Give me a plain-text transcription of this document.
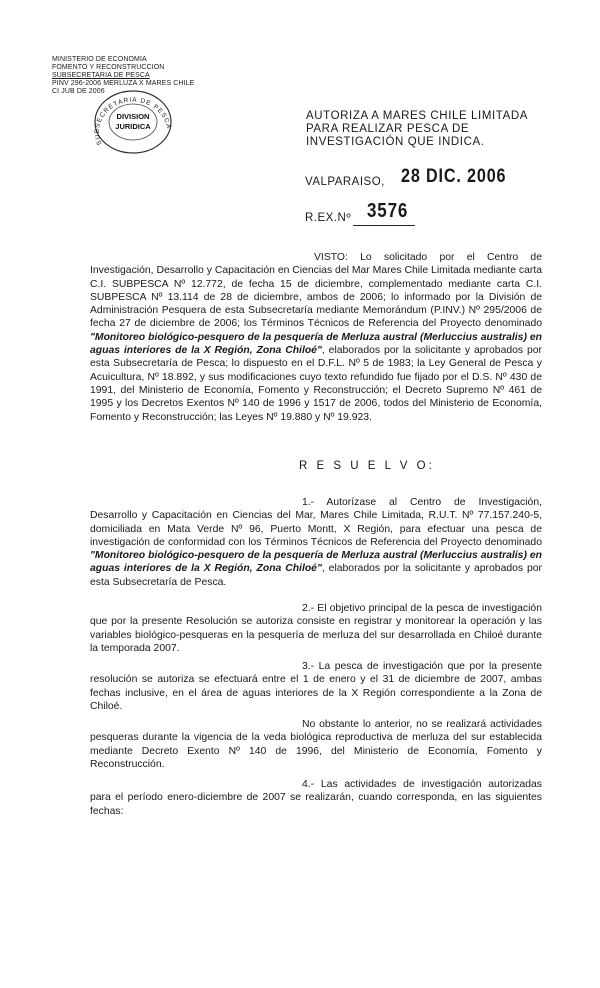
MINISTERIO DE ECONOMIA
FOMENTO Y RECONSTRUCCION
SUBSECRETARIA DE PESCA
PINV 296-2006 MERLUZA X MARES CHILE
CI JUB DE 2006
SUBSECRETARIA DE PESCA
DIVISION
JURIDICA
AUTORIZA A MARES CHILE LIMITADA PARA REALIZAR PESCA DE INVESTIGACIÓN QUE INDICA.
VALPARAISO, 28 DIC. 2006
R.EX.Nº 3576
VISTO: Lo solicitado por el Centro de Investigación, Desarrollo y Capacitación en Ciencias del Mar Mares Chile Limitada mediante carta C.I. SUBPESCA Nº 12.772, de fecha 15 de diciembre, complementado mediante carta C.I. SUBPESCA Nº 13.114 de 28 de diciembre, ambos de 2006; lo informado por la División de Administración Pesquera de esta Subsecretaría mediante Memorándum (P.INV.) Nº 295/2006 de fecha 27 de diciembre de 2006; los Términos Técnicos de Referencia del Proyecto denominado "Monitoreo biológico-pesquero de la pesquería de Merluza austral (Merluccius australis) en aguas interiores de la X Región, Zona Chiloé", elaborados por la solicitante y aprobados por esta Subsecretaría de Pesca; lo dispuesto en el D.F.L. Nº 5 de 1983; la Ley General de Pesca y Acuicultura, Nº 18.892, y sus modificaciones cuyo texto refundido fue fijado por el D.S. Nº 430 de 1991, del Ministerio de Economía, Fomento y Reconstrucción; el Decreto Supremo Nº 461 de 1995 y los Decretos Exentos Nº 140 de 1996 y 1517 de 2006, todos del Ministerio de Economía, Fomento y Reconstrucción; las Leyes Nº 19.880 y Nº 19.923.
R E S U E L V O:
1.- Autorízase al Centro de Investigación, Desarrollo y Capacitación en Ciencias del Mar, Mares Chile Limitada, R.U.T. Nº 77.157.240-5, domiciliada en Mata Verde Nº 96, Puerto Montt, X Región, para efectuar una pesca de investigación de conformidad con los Términos Técnicos de Referencia del Proyecto denominado "Monitoreo biológico-pesquero de la pesquería de Merluza austral (Merluccius australis) en aguas interiores de la X Región, Zona Chiloé", elaborados por la solicitante y aprobados por esta Subsecretaría de Pesca.
2.- El objetivo principal de la pesca de investigación que por la presente Resolución se autoriza consiste en registrar y monitorear la operación y las variables biológico-pesqueras en la pesquería de merluza del sur desarrollada en Chiloé durante la temporada 2007.
3.- La pesca de investigación que por la presente resolución se autoriza se efectuará entre el 1 de enero y el 31 de diciembre de 2007, ambas fechas inclusive, en el área de aguas interiores de la X Región correspondiente a la Zona de Chiloé.
No obstante lo anterior, no se realizará actividades pesqueras durante la vigencia de la veda biológica reproductiva de merluza del sur establecida mediante Decreto Exento Nº 140 de 1996, del Ministerio de Economía, Fomento y Reconstrucción.
4.- Las actividades de investigación autorizadas para el período enero-diciembre de 2007 se realizarán, cuando corresponda, en las siguientes fechas:
